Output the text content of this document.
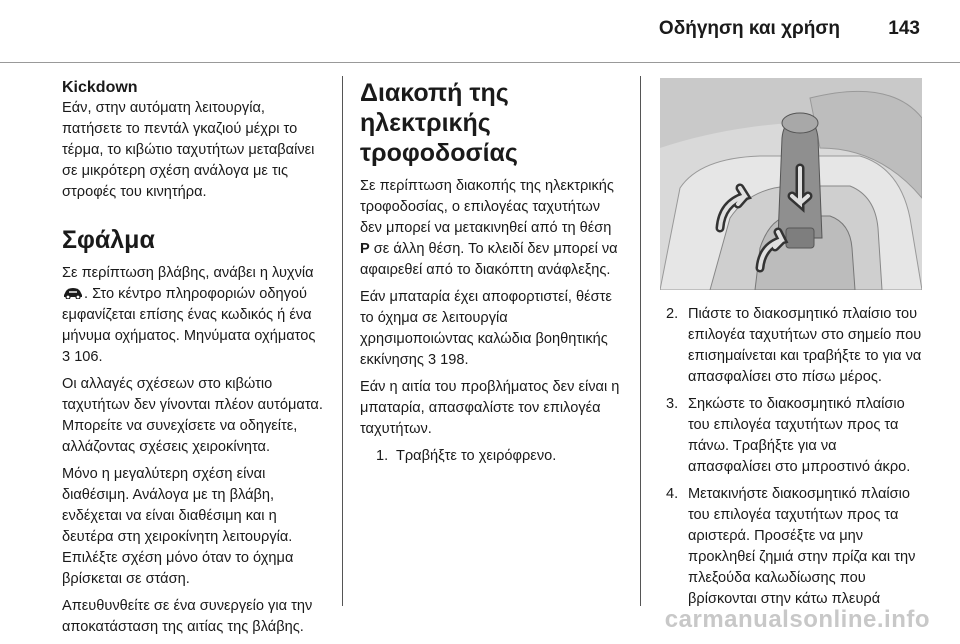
Οδήγηση και χρήση	143
Kickdown

Εάν, στην αυτόματη λειτουργία, πατήσετε το πεντάλ γκαζιού μέχρι το τέρμα, το κιβώτιο ταχυτήτων μεταβαίνει σε μικρότερη σχέση ανάλογα με τις στροφές του κινητήρα.

Σφάλμα

Σε περίπτωση βλάβης, ανάβει η λυχνία . Στο κέντρο πληροφοριών οδηγού εμφανίζεται επίσης ένας κωδικός ή ένα μήνυμα οχήματος. Μηνύματα οχήματος 3 106.

Οι αλλαγές σχέσεων στο κιβώτιο ταχυτήτων δεν γίνονται πλέον αυτόματα. Μπορείτε να συνεχίσετε να οδηγείτε, αλλάζοντας σχέσεις χειροκίνητα.

Μόνο η μεγαλύτερη σχέση είναι διαθέσιμη. Ανάλογα με τη βλάβη, ενδέχεται να είναι διαθέσιμη και η δευτέρα στη χειροκίνητη λειτουργία. Επιλέξτε σχέση μόνο όταν το όχημα βρίσκεται σε στάση.

Απευθυνθείτε σε ένα συνεργείο για την αποκατάσταση της αιτίας της βλάβης.

Διακοπή της ηλεκτρικής τροφοδοσίας

Σε περίπτωση διακοπής της ηλεκτρικής τροφοδοσίας, ο επιλογέας ταχυτήτων δεν μπορεί να μετακινηθεί από τη θέση P σε άλλη θέση. Το κλειδί δεν μπορεί να αφαιρεθεί από το διακόπτη ανάφλεξης.

Εάν μπαταρία έχει αποφορτιστεί, θέστε το όχημα σε λειτουργία χρησιμοποιώντας καλώδια βοηθητικής εκκίνησης 3 198.

Εάν η αιτία του προβλήματος δεν είναι η μπαταρία, απασφαλίστε τον επιλογέα ταχυτήτων.

1. Τραβήξτε το χειρόφρενο.

2. Πιάστε το διακοσμητικό πλαίσιο του επιλογέα ταχυτήτων στο σημείο που επισημαίνεται και τραβήξτε το για να απασφαλίσει στο πίσω μέρος.
3. Σηκώστε το διακοσμητικό πλαίσιο του επιλογέα ταχυτήτων προς τα πάνω. Τραβήξτε για να απασφαλίσει στο μπροστινό άκρο.
4. Μετακινήστε διακοσμητικό πλαίσιο του επιλογέα ταχυτήτων προς τα αριστερά. Προσέξτε να μην προκληθεί ζημιά στην πρίζα και την πλεξούδα καλωδίωσης που βρίσκονται στην κάτω πλευρά
carmanualsonline.info
